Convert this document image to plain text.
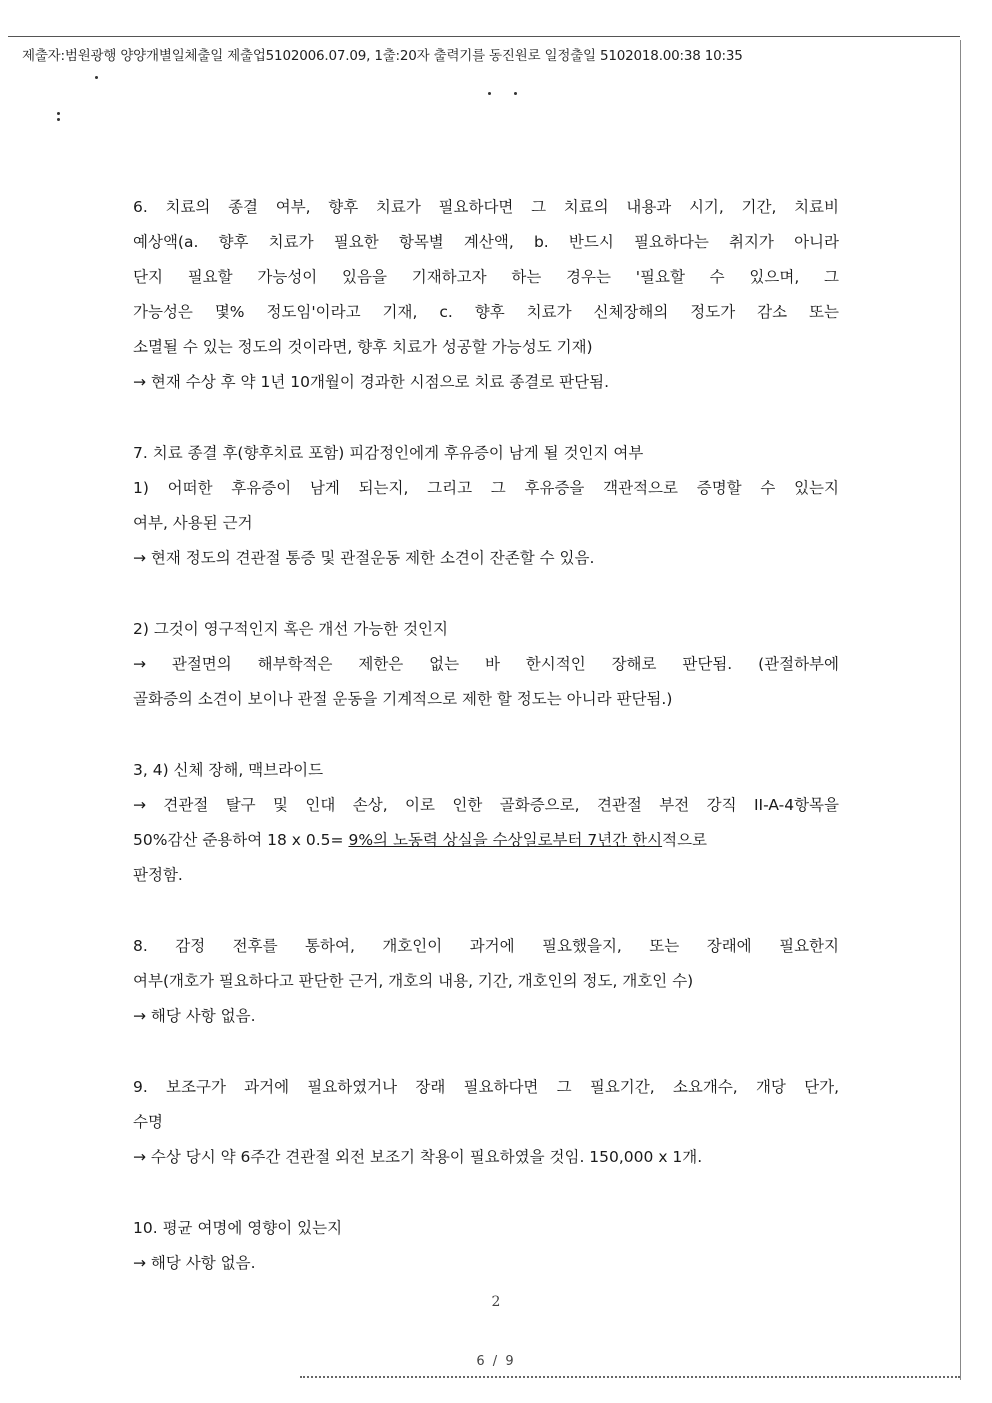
제출자:범원광행 양양개별일체출일 제출업5102006.07.09, 1출:20자 출력기를 동진원로 일정출일 5102018.00:38 10:35
6. 치료의 종결 여부, 향후 치료가 필요하다면 그 치료의 내용과 시기, 기간, 치료비
예상액(a. 향후 치료가 필요한 항목별 계산액, b. 반드시 필요하다는 취지가 아니라
단지 필요할 가능성이 있음을 기재하고자 하는 경우는 '필요할 수 있으며, 그
가능성은 몇% 정도임'이라고 기재, c. 향후 치료가 신체장해의 정도가 감소 또는
소멸될 수 있는 정도의 것이라면, 향후 치료가 성공할 가능성도 기재)
→ 현재 수상 후 약 1년 10개월이 경과한 시점으로 치료 종결로 판단됨.
7. 치료 종결 후(향후치료 포함) 피감정인에게 후유증이 남게 될 것인지 여부
1) 어떠한 후유증이 남게 되는지, 그리고 그 후유증을 객관적으로 증명할 수 있는지
여부, 사용된 근거
→ 현재 정도의 견관절 통증 및 관절운동 제한 소견이 잔존할 수 있음.
2) 그것이 영구적인지 혹은 개선 가능한 것인지
→ 관절면의 해부학적은 제한은 없는 바 한시적인 장해로 판단됨. (관절하부에
골화증의 소견이 보이나 관절 운동을 기계적으로 제한 할 정도는 아니라 판단됨.)
3, 4) 신체 장해, 맥브라이드
→ 견관절 탈구 및 인대 손상, 이로 인한 골화증으로, 견관절 부전 강직 II-A-4항목을
50%감산 준용하여 18 x 0.5= 9%의 노동력 상실을 수상일로부터 7년간 한시적으로
판정함.
8. 감정 전후를 통하여, 개호인이 과거에 필요했을지, 또는 장래에 필요한지
여부(개호가 필요하다고 판단한 근거, 개호의 내용, 기간, 개호인의 정도, 개호인 수)
→ 해당 사항 없음.
9. 보조구가 과거에 필요하였거나 장래 필요하다면 그 필요기간, 소요개수, 개당 단가,
수명
→ 수상 당시 약 6주간 견관절 외전 보조기 착용이 필요하였을 것임. 150,000 x 1개.
10. 평균 여명에 영향이 있는지
→ 해당 사항 없음.
2
6 / 9
